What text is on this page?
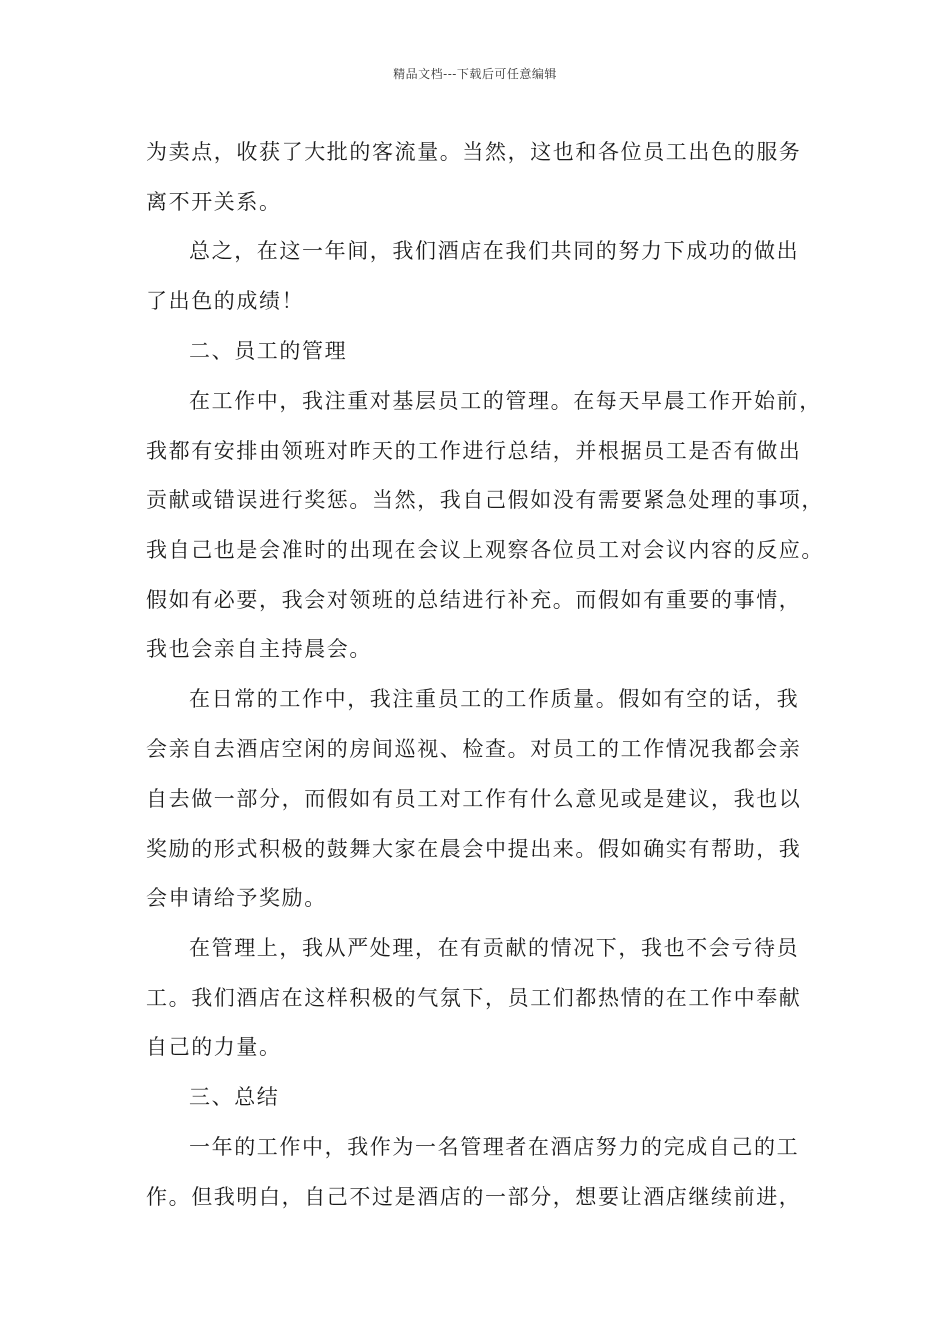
精品文档---下载后可任意编辑
为卖点，收获了大批的客流量。当然，这也和各位员工出色的服务
离不开关系。
总之，在这一年间，我们酒店在我们共同的努力下成功的做出
了出色的成绩！
二、员工的管理
在工作中，我注重对基层员工的管理。在每天早晨工作开始前，
我都有安排由领班对昨天的工作进行总结，并根据员工是否有做出
贡献或错误进行奖惩。当然，我自己假如没有需要紧急处理的事项，
我自己也是会准时的出现在会议上观察各位员工对会议内容的反应。
假如有必要，我会对领班的总结进行补充。而假如有重要的事情，
我也会亲自主持晨会。
在日常的工作中，我注重员工的工作质量。假如有空的话，我
会亲自去酒店空闲的房间巡视、检查。对员工的工作情况我都会亲
自去做一部分，而假如有员工对工作有什么意见或是建议，我也以
奖励的形式积极的鼓舞大家在晨会中提出来。假如确实有帮助，我
会申请给予奖励。
在管理上，我从严处理，在有贡献的情况下，我也不会亏待员
工。我们酒店在这样积极的气氛下，员工们都热情的在工作中奉献
自己的力量。
三、总结
一年的工作中，我作为一名管理者在酒店努力的完成自己的工
作。但我明白，自己不过是酒店的一部分，想要让酒店继续前进，
